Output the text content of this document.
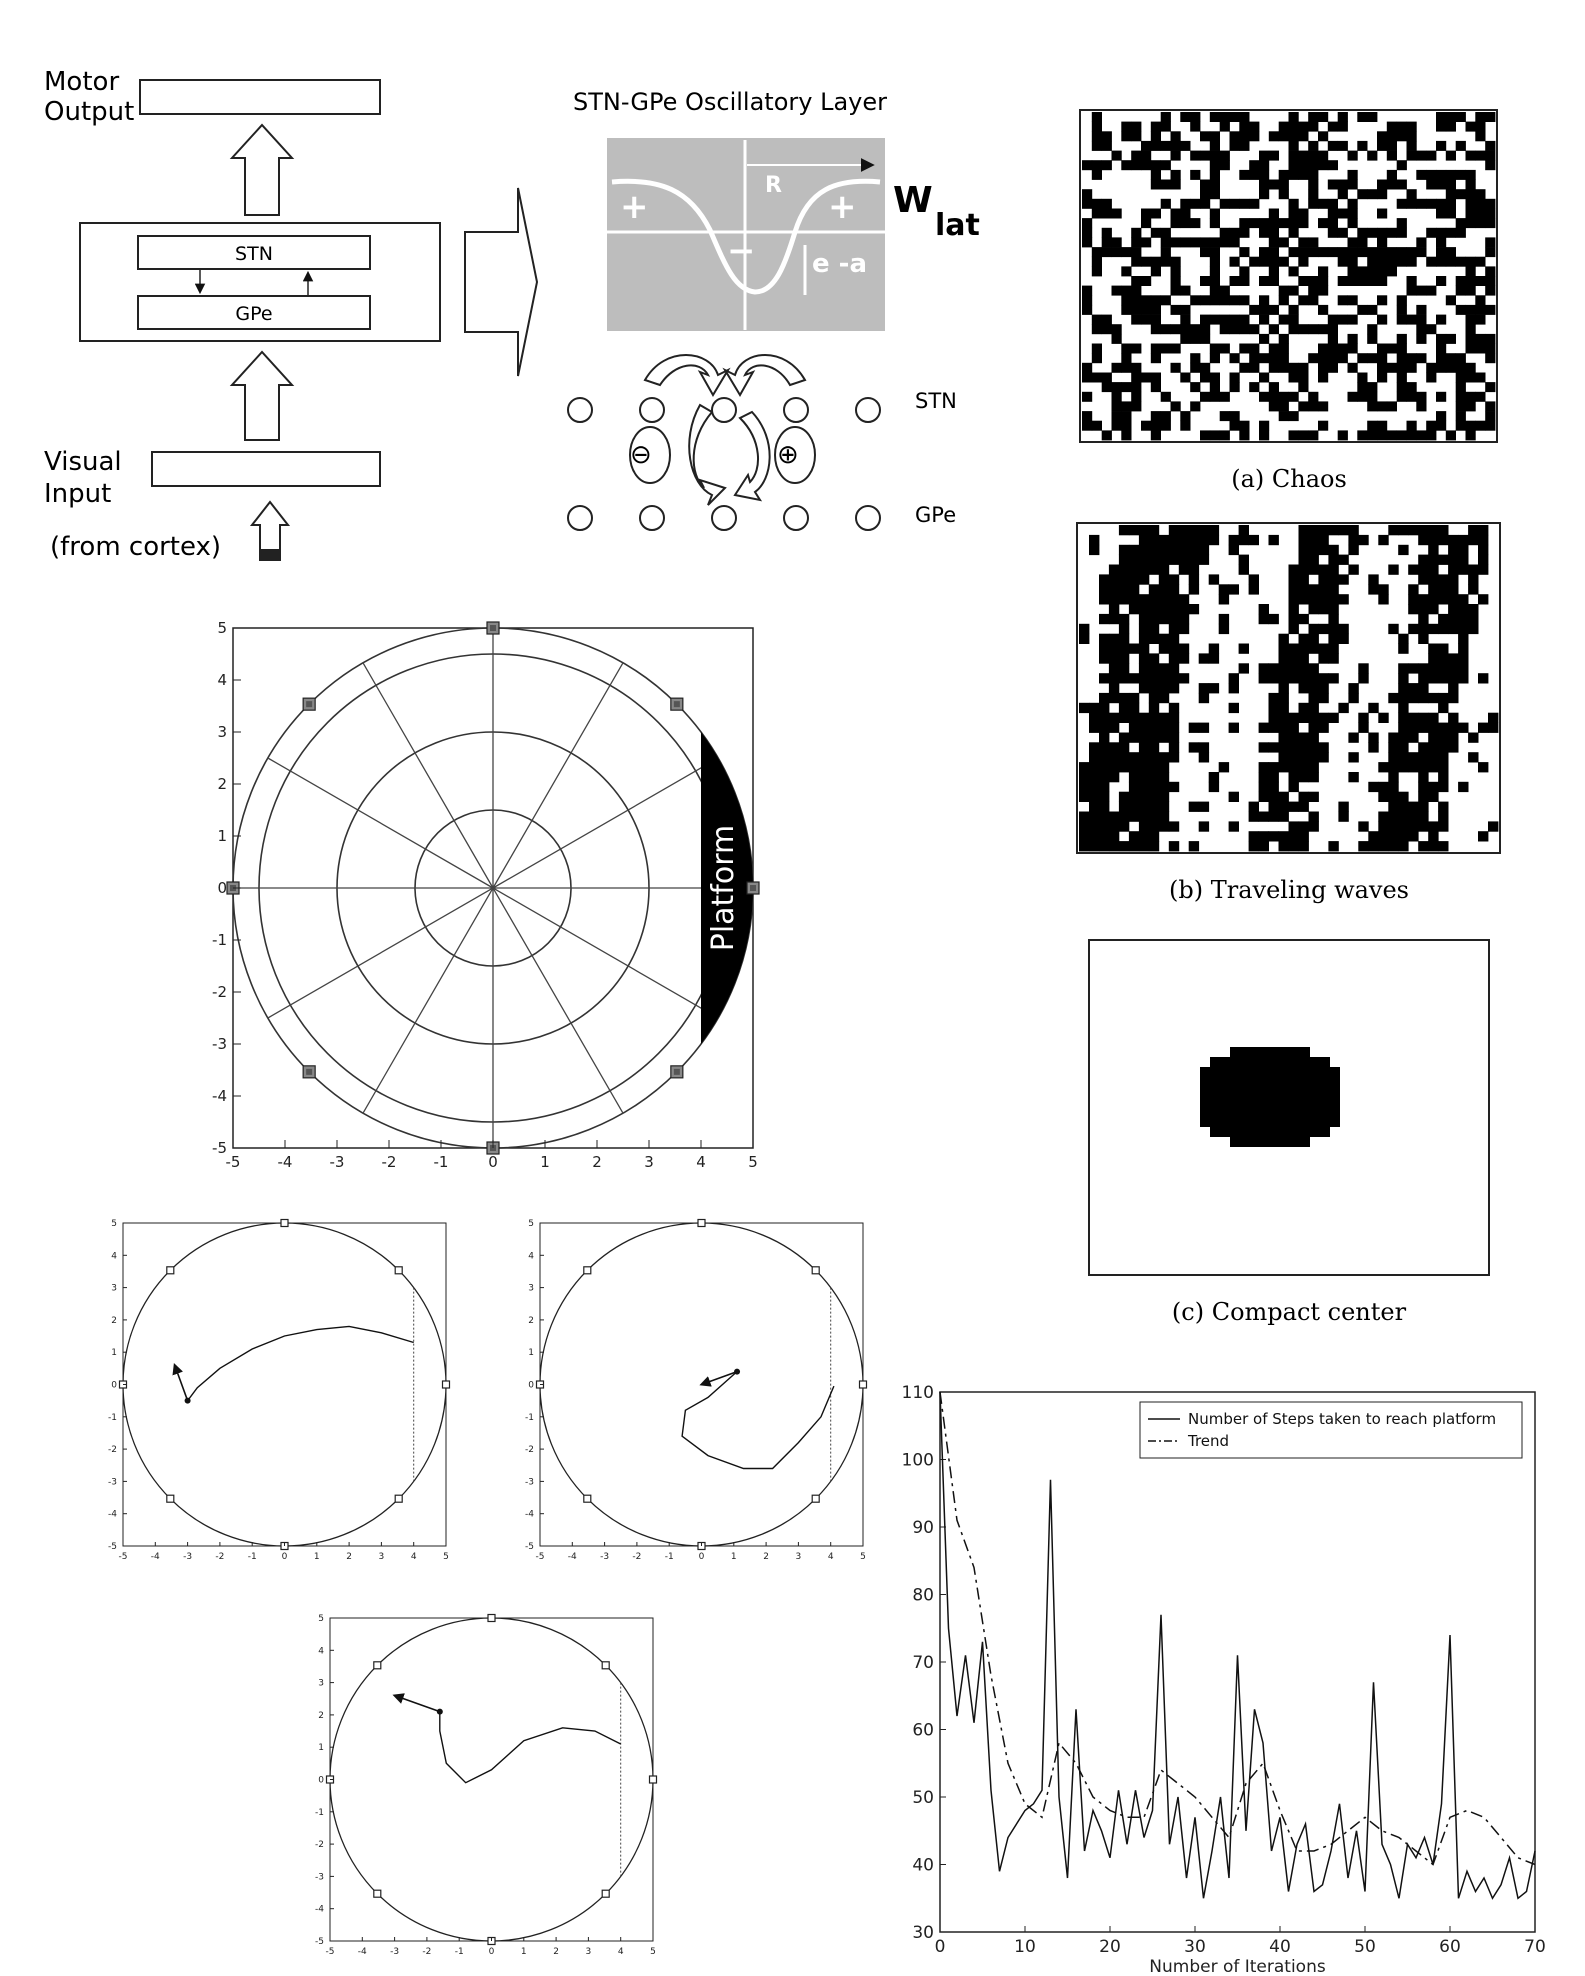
Motor Output
STN
GPe
Visual Input
(from cortex)
STN-GPe Oscillatory Layer
R
+	+
− e -a
W
lat
⊖	⊕
STN
GPe
(a) Chaos
(b) Traveling waves
(c) Compact center
Platform
-5
-5
-4
-4
-3
-3
-2
-2
-1
-1
0
0
1
1
2
2
3
3
4
4
5
5
-5
-5
-4
-4
-3
-3
-2
-2
-1
-1
0
0
1
1
2
2
3
3
4
4
5
5
-5
-5
-4
-4
-3
-3
-2
-2
-1
-1
0
0
1
1
2
2
3
3
4
4
5
5
-5
-5
-4
-4
-3
-3
-2
-2
-1
-1
0
0
1
1
2
2
3
3
4
4
5
5
0	10	20	30	40	50	60	70
30
40
50
60
70
80
90
100
110
Number of Iterations
Number of Steps taken to reach platform
Trend
